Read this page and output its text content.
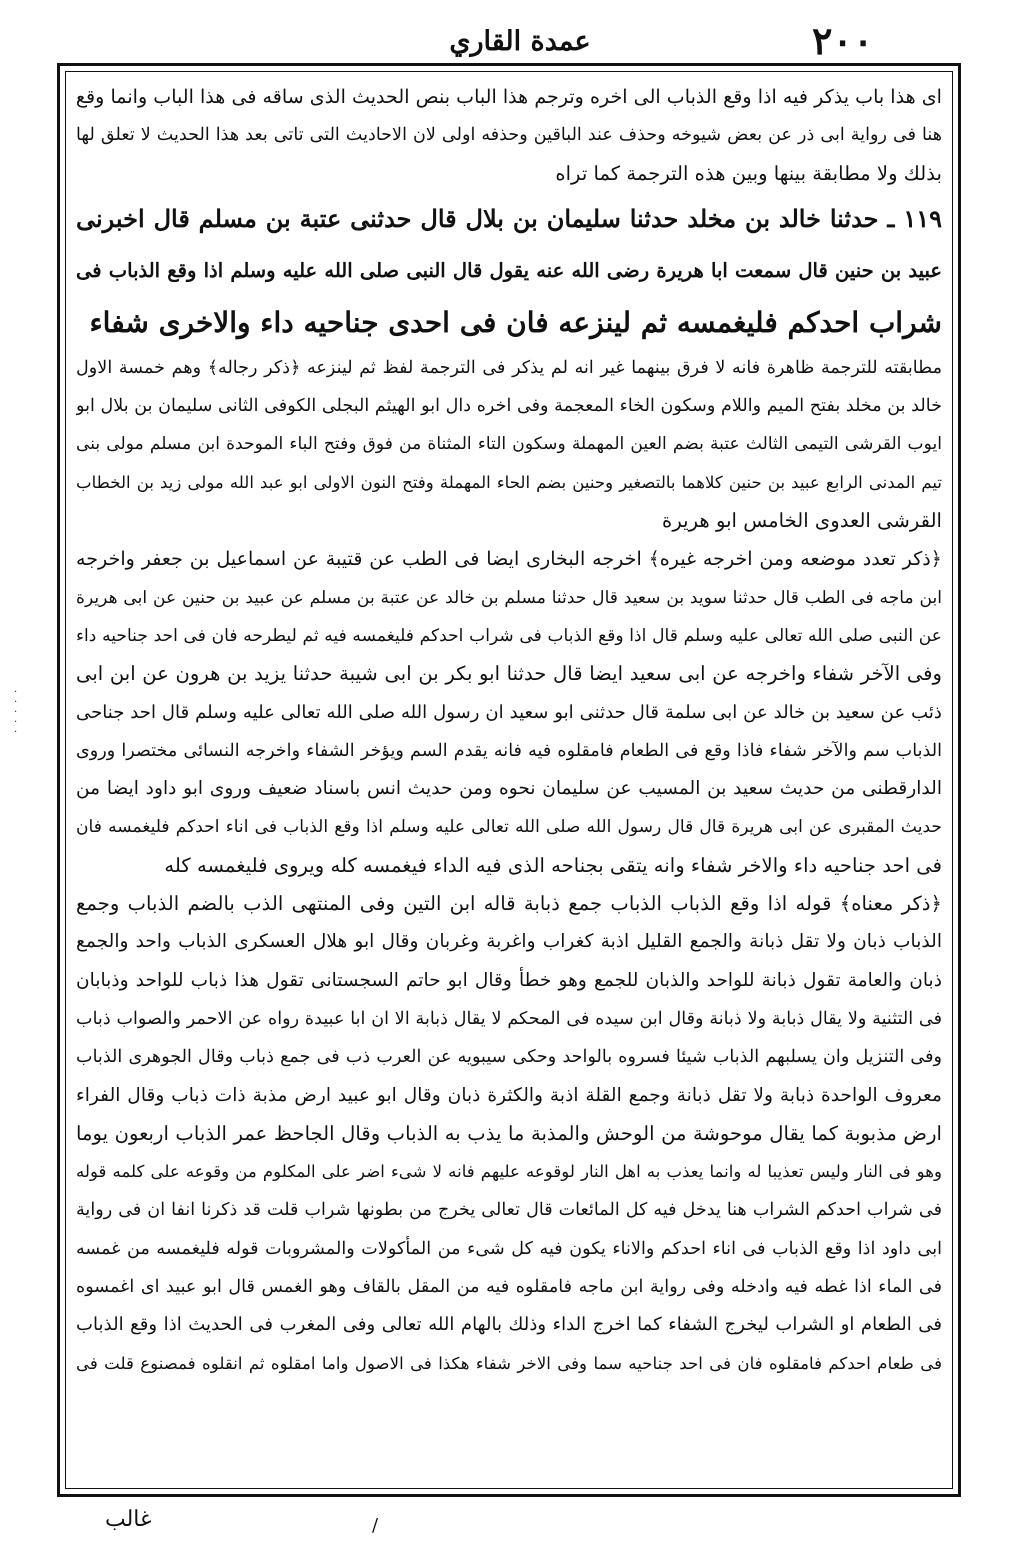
٢٠٠
عمدة القاري
· · · · ·
اى هذا باب يذكر فيه اذا وقع الذباب الى اخره وترجم هذا الباب بنص الحديث الذى ساقه فى هذا الباب وانما وقع
هنا فى رواية ابى ذر عن بعض شيوخه وحذف عند الباقين وحذفه اولى لان الاحاديث التى تاتى بعد هذا الحديث لا تعلق لها
بذلك ولا مطابقة بينها وبين هذه الترجمة كما تراه
١١٩ ـ حدثنا خالد بن مخلد حدثنا سليمان بن بلال قال حدثنى عتبة بن مسلم قال اخبرنى
عبيد بن حنين قال سمعت ابا هريرة رضى الله عنه يقول قال النبى صلى الله عليه وسلم اذا وقع الذباب فى
شراب احدكم فليغمسه ثم لينزعه فان فى احدى جناحيه داء والاخرى شفاء
مطابقته للترجمة ظاهرة فانه لا فرق بينهما غير انه لم يذكر فى الترجمة لفظ ثم لينزعه ﴿ذكر رجاله﴾ وهم خمسة الاول
خالد بن مخلد بفتح الميم واللام وسكون الخاء المعجمة وفى اخره دال ابو الهيثم البجلى الكوفى الثانى سليمان بن بلال ابو
ايوب القرشى التيمى الثالث عتبة بضم العين المهملة وسكون التاء المثناة من فوق وفتح الباء الموحدة ابن مسلم مولى بنى
تيم المدنى الرابع عبيد بن حنين كلاهما بالتصغير وحنين بضم الحاء المهملة وفتح النون الاولى ابو عبد الله مولى زيد بن الخطاب
القرشى العدوى الخامس ابو هريرة
﴿ذكر تعدد موضعه ومن اخرجه غيره﴾ اخرجه البخارى ايضا فى الطب عن قتيبة عن اسماعيل بن جعفر واخرجه
ابن ماجه فى الطب قال حدثنا سويد بن سعيد قال حدثنا مسلم بن خالد عن عتبة بن مسلم عن عبيد بن حنين عن ابى هريرة
عن النبى صلى الله تعالى عليه وسلم قال اذا وقع الذباب فى شراب احدكم فليغمسه فيه ثم ليطرحه فان فى احد جناحيه داء
وفى الآخر شفاء واخرجه عن ابى سعيد ايضا قال حدثنا ابو بكر بن ابى شيبة حدثنا يزيد بن هرون عن ابن ابى
ذئب عن سعيد بن خالد عن ابى سلمة قال حدثنى ابو سعيد ان رسول الله صلى الله تعالى عليه وسلم قال احد جناحى
الذباب سم والآخر شفاء فاذا وقع فى الطعام فامقلوه فيه فانه يقدم السم ويؤخر الشفاء واخرجه النسائى مختصرا وروى
الدارقطنى من حديث سعيد بن المسيب عن سليمان نحوه ومن حديث انس باسناد ضعيف وروى ابو داود ايضا من
حديث المقبرى عن ابى هريرة قال قال رسول الله صلى الله تعالى عليه وسلم اذا وقع الذباب فى اناء احدكم فليغمسه فان
فى احد جناحيه داء والاخر شفاء وانه يتقى بجناحه الذى فيه الداء فيغمسه كله ويروى فليغمسه كله
﴿ذكر معناه﴾ قوله اذا وقع الذباب الذباب جمع ذبابة قاله ابن التين وفى المنتهى الذب بالضم الذباب وجمع
الذباب ذبان ولا تقل ذبانة والجمع القليل اذبة كغراب واغربة وغربان وقال ابو هلال العسكرى الذباب واحد والجمع
ذبان والعامة تقول ذبانة للواحد والذبان للجمع وهو خطأ وقال ابو حاتم السجستانى تقول هذا ذباب للواحد وذبابان
فى التثنية ولا يقال ذبابة ولا ذبانة وقال ابن سيده فى المحكم لا يقال ذبابة الا ان ابا عبيدة رواه عن الاحمر والصواب ذباب
وفى التنزيل وان يسلبهم الذباب شيئا فسروه بالواحد وحكى سيبويه عن العرب ذب فى جمع ذباب وقال الجوهرى الذباب
معروف الواحدة ذبابة ولا تقل ذبانة وجمع القلة اذبة والكثرة ذبان وقال ابو عبيد ارض مذبة ذات ذباب وقال الفراء
ارض مذبوبة كما يقال موحوشة من الوحش والمذبة ما يذب به الذباب وقال الجاحظ عمر الذباب اربعون يوما
وهو فى النار وليس تعذيبا له وانما يعذب به اهل النار لوقوعه عليهم فانه لا شىء اضر على المكلوم من وقوعه على كلمه قوله
فى شراب احدكم الشراب هنا يدخل فيه كل المائعات قال تعالى يخرج من بطونها شراب قلت قد ذكرنا انفا ان فى رواية
ابى داود اذا وقع الذباب فى اناء احدكم والاناء يكون فيه كل شىء من المأكولات والمشروبات قوله فليغمسه من غمسه
فى الماء اذا غطه فيه وادخله وفى رواية ابن ماجه فامقلوه فيه من المقل بالقاف وهو الغمس قال ابو عبيد اى اغمسوه
فى الطعام او الشراب ليخرج الشفاء كما اخرج الداء وذلك بالهام الله تعالى وفى المغرب فى الحديث اذا وقع الذباب
فى طعام احدكم فامقلوه فان فى احد جناحيه سما وفى الاخر شفاء هكذا فى الاصول واما امقلوه ثم انقلوه فمصنوع قلت فى
غالب	/
